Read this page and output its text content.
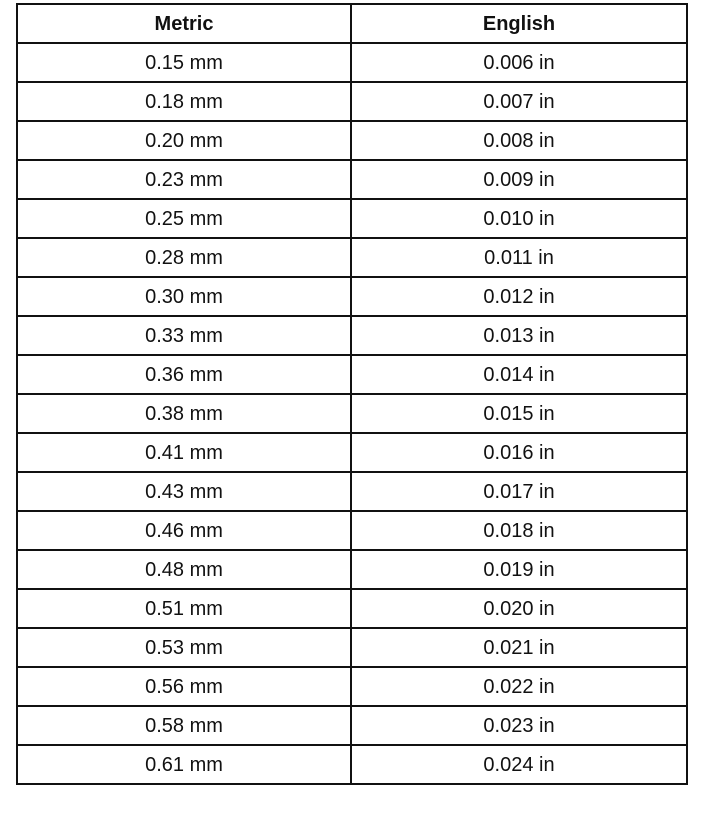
Metric	English
0.15 mm	0.006 in
0.18 mm	0.007 in
0.20 mm	0.008 in
0.23 mm	0.009 in
0.25 mm	0.010 in
0.28 mm	0.011 in
0.30 mm	0.012 in
0.33 mm	0.013 in
0.36 mm	0.014 in
0.38 mm	0.015 in
0.41 mm	0.016 in
0.43 mm	0.017 in
0.46 mm	0.018 in
0.48 mm	0.019 in
0.51 mm	0.020 in
0.53 mm	0.021 in
0.56 mm	0.022 in
0.58 mm	0.023 in
0.61 mm	0.024 in
